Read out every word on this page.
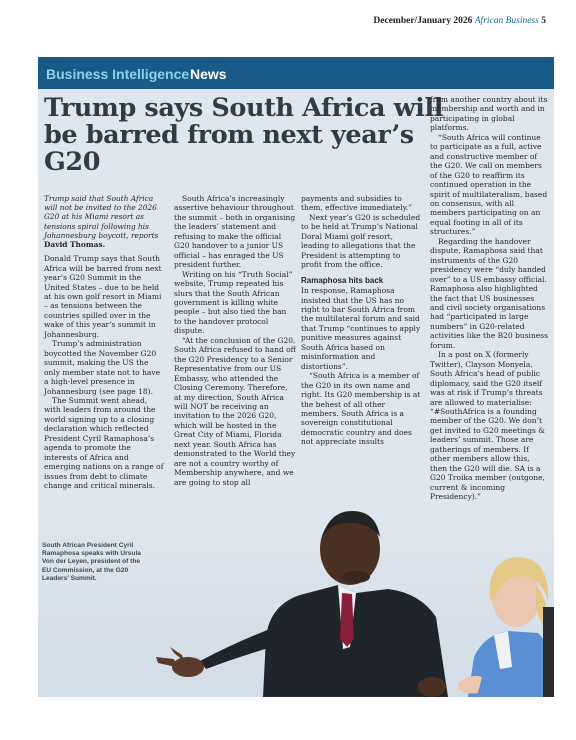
December/January 2026 African Business 5
Business Intelligence News
Trump says South Africa will be barred from next year’s G20
South African President Cyril Ramaphosa speaks with Ursula Von der Leyen, president of the EU Commission, at the G20 Leaders’ Summit.
Trump said that South Africa will not be invited to the 2026 G20 at his Miami resort as tensions spiral following his Johannesburg boycott, reports David Thomas.

Donald Trump says that South Africa will be barred from next year’s G20 Summit in the United States – due to be held at his own golf resort in Miami – as tensions between the countries spilled over in the wake of this year’s summit in Johannesburg.

Trump’s administration boycotted the November G20 summit, making the US the only member state not to have a high-level presence in Johannesburg (see page 18).

The Summit went ahead, with leaders from around the world signing up to a closing declaration which reflected President Cyril Ramaphosa’s agenda to promote the interests of Africa and emerging nations on a range of issues from debt to climate change and critical minerals.

South Africa’s increasingly assertive behaviour throughout the summit – both in organising the leaders’ statement and refusing to make the official G20 handover to a junior US official – has enraged the US president further.

Writing on his “Truth Social” website, Trump repeated his slurs that the South African government is killing white people – but also tied the ban to the handover protocol dispute.

“At the conclusion of the G20, South Africa refused to hand off the G20 Presidency to a Senior Representative from our US Embassy, who attended the Closing Ceremony. Therefore, at my direction, South Africa will NOT be receiving an invitation to the 2026 G20, which will be hosted in the Great City of Miami, Florida next year. South Africa has demonstrated to the World they are not a country worthy of Membership anywhere, and we are going to stop all

payments and subsidies to them, effective immediately.”

Next year’s G20 is scheduled to be held at Trump’s National Doral Miami golf resort, leading to allegations that the President is attempting to profit from the office.

Ramaphosa hits back

In response, Ramaphosa insisted that the US has no right to bar South Africa from the multilateral forum and said that Trump “continues to apply punitive measures against South Africa based on misinformation and distortions”.

“South Africa is a member of the G20 in its own name and right. Its G20 membership is at the behest of all other members. South Africa is a sovereign constitutional democratic country and does not appreciate insults

from another country about its membership and worth and in participating in global platforms.

“South Africa will continue to participate as a full, active and constructive member of the G20. We call on members of the G20 to reaffirm its continued operation in the spirit of multilateralism, based on consensus, with all members participating on an equal footing in all of its structures.”

Regarding the handover dispute, Ramaphosa said that instruments of the G20 presidency were “duly handed over” to a US embassy official. Ramaphosa also highlighted the fact that US businesses and civil society organisations had “participated in large numbers” in G20-related activities like the B20 business forum.

In a post on X (formerly Twitter), Clayson Monyela, South Africa’s head of public diplomacy, said the G20 itself was at risk if Trump’s threats are allowed to materialise: “#SouthAfrica is a founding member of the G20. We don’t get invited to G20 meetings & leaders’ summit. Those are gatherings of members. If other members allow this, then the G20 will die. SA is a G20 Troika member (outgone, current & incoming Presidency).”
